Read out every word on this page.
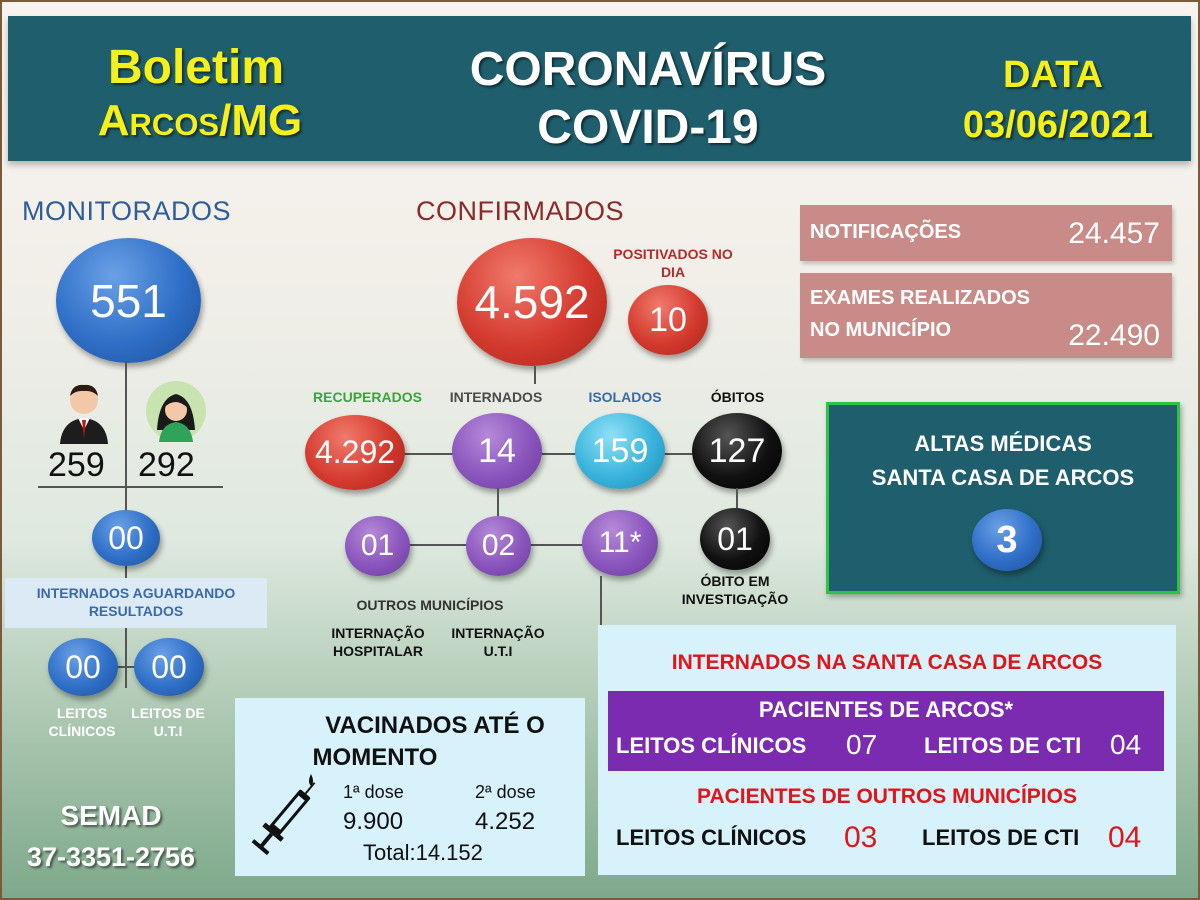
Boletim
Arcos/MG
CORONAVÍRUS
COVID-19
DATA
03/06/2021
MONITORADOS
551
259 292
00
INTERNADOS AGUARDANDO RESULTADOS
00	00
LEITOS CLÍNICOS
LEITOS DE U.T.I
CONFIRMADOS
4.592
POSITIVADOS NO DIA
10
RECUPERADOS	INTERNADOS	ISOLADOS	ÓBITOS
4.292	14	159	127
01	02	11*	01
ÓBITO EM INVESTIGAÇÃO
OUTROS MUNICÍPIOS
INTERNAÇÃO HOSPITALAR
INTERNAÇÃO U.T.I
NOTIFICAÇÕES	24.457
EXAMES REALIZADOS
NO MUNICÍPIO	22.490
ALTAS MÉDICAS
SANTA CASA DE ARCOS
3
INTERNADOS NA SANTA CASA DE ARCOS
PACIENTES DE ARCOS*
LEITOS CLÍNICOS 07 LEITOS DE CTI 04
PACIENTES DE OUTROS MUNICÍPIOS
LEITOS CLÍNICOS 03 LEITOS DE CTI 04
VACINADOS ATÉ O
MOMENTO
1ª dose	2ª dose
9.900	4.252
Total:14.152
SEMAD
37-3351-2756
